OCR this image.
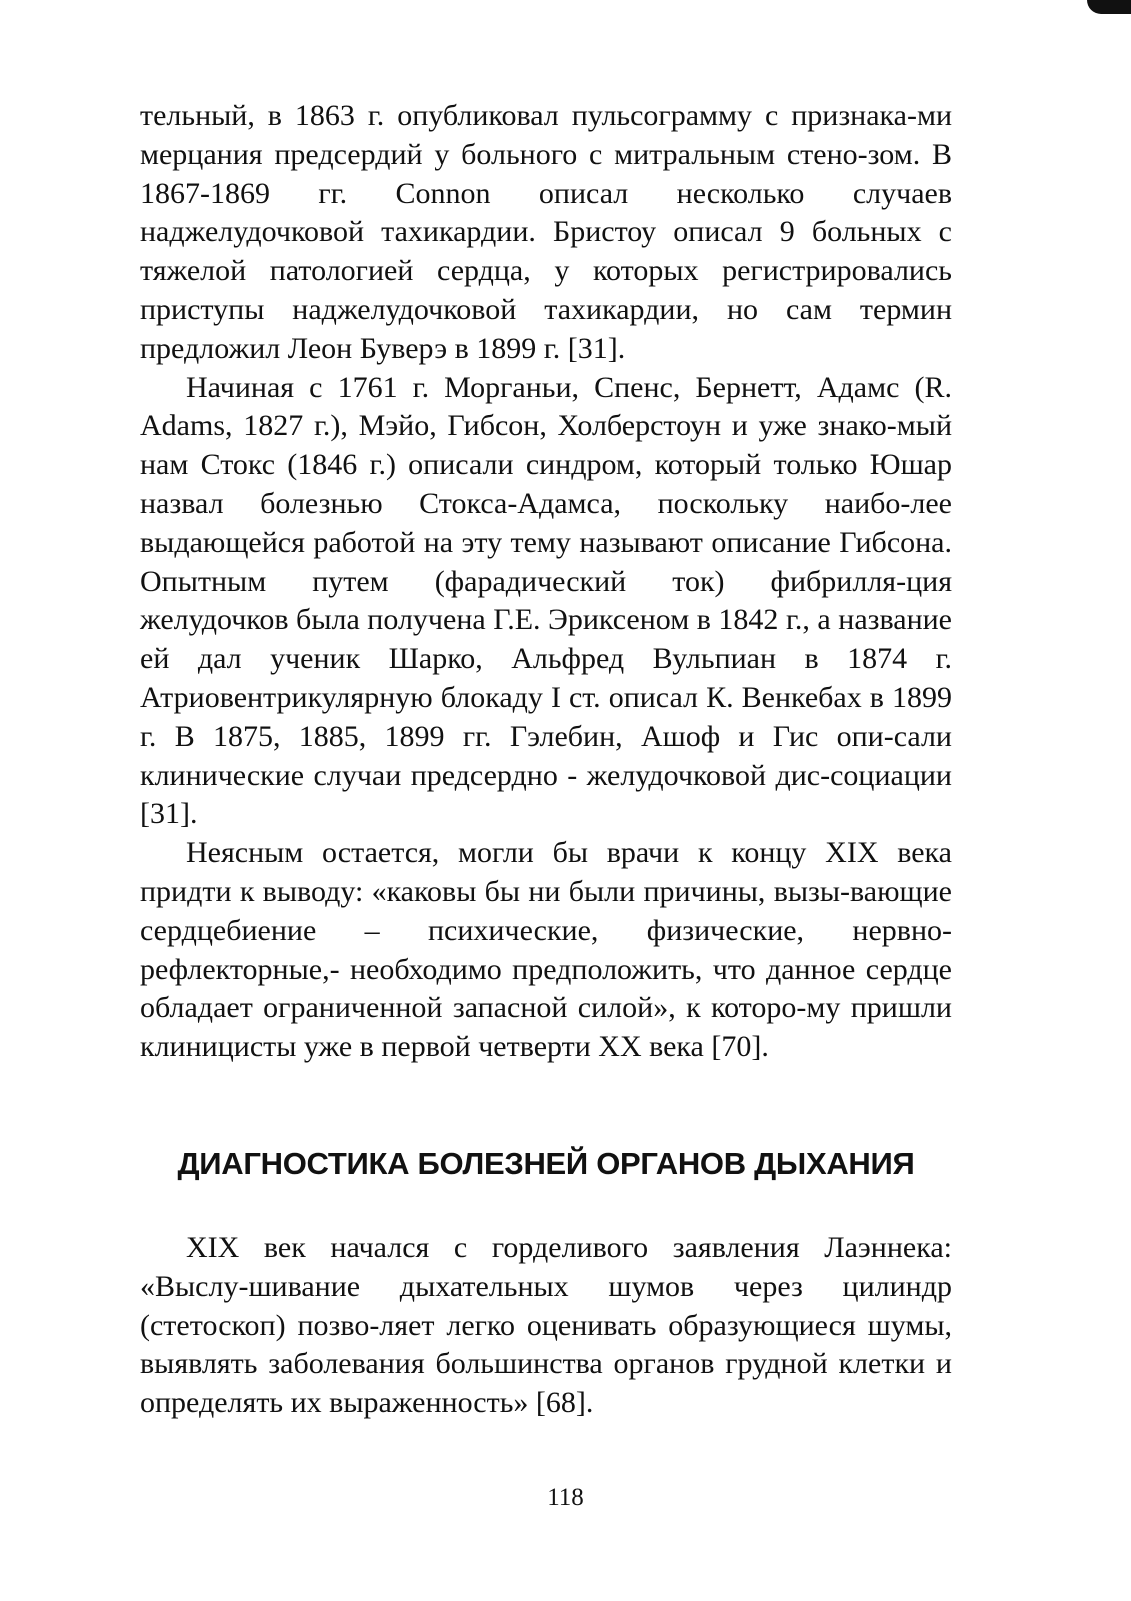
тельный, в 1863 г. опубликовал пульсограмму с признака-ми мерцания предсердий у больного с митральным стено-зом. В 1867-1869 гг. Connon описал несколько случаев наджелудочковой тахикардии. Бристоу описал 9 больных с тяжелой патологией сердца, у которых регистрировались приступы наджелудочковой тахикардии, но сам термин предложил Леон Буверэ в 1899 г. [31].

Начиная с 1761 г. Морганьи, Спенс, Бернетт, Адамс (R. Adams, 1827 г.), Мэйо, Гибсон, Холберстоун и уже знако-мый нам Стокс (1846 г.) описали синдром, который только Юшар назвал болезнью Стокса-Адамса, поскольку наибо-лее выдающейся работой на эту тему называют описание Гибсона. Опытным путем (фарадический ток) фибрилля-ция желудочков была получена Г.Е. Эриксеном в 1842 г., а название ей дал ученик Шарко, Альфред Вульпиан в 1874 г. Атриовентрикулярную блокаду I ст. описал К. Венкебах в 1899 г. В 1875, 1885, 1899 гг. Гэлебин, Ашоф и Гис опи-сали клинические случаи предсердно - желудочковой дис-социации [31].

Неясным остается, могли бы врачи к концу XIX века придти к выводу: «каковы бы ни были причины, вызы-вающие сердцебиение – психические, физические, нервно-рефлекторные,- необходимо предположить, что данное сердце обладает ограниченной запасной силой», к которо-му пришли клиницисты уже в первой четверти XX века [70].

ДИАГНОСТИКА БОЛЕЗНЕЙ ОРГАНОВ ДЫХАНИЯ

XIX век начался с горделивого заявления Лаэннека: «Выслу-шивание дыхательных шумов через цилиндр (стетоскоп) позво-ляет легко оценивать образующиеся шумы, выявлять заболевания большинства органов грудной клетки и определять их выраженность» [68].

118
